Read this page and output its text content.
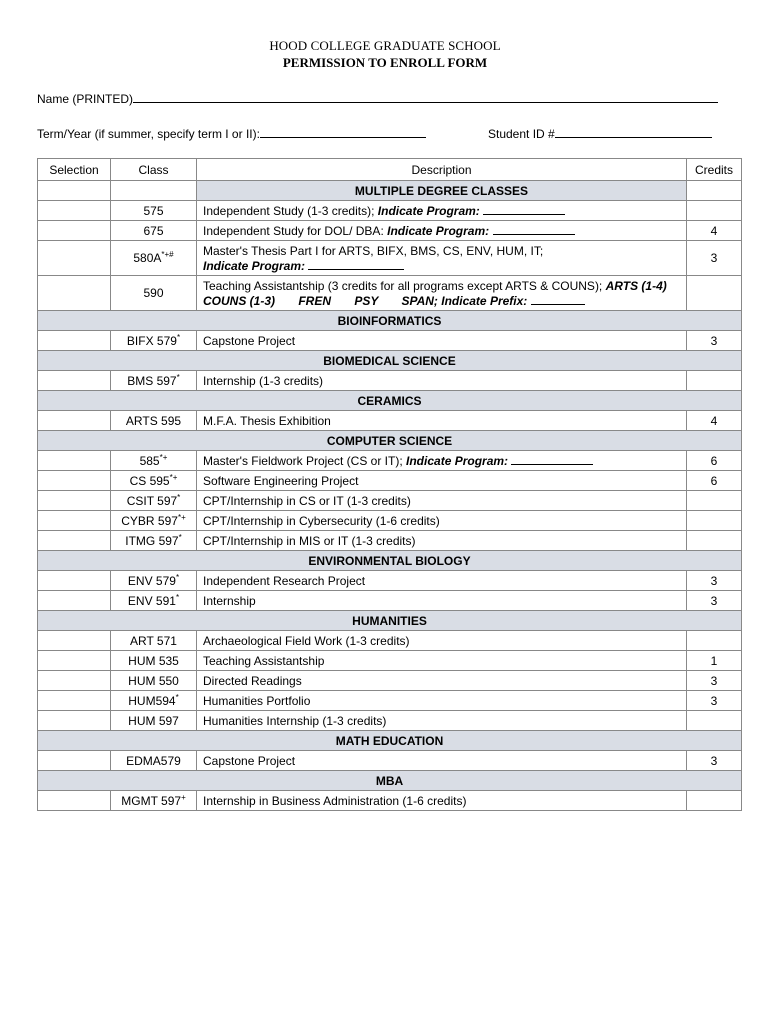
HOOD COLLEGE GRADUATE SCHOOL
PERMISSION TO ENROLL FORM
Name (PRINTED)
Term/Year (if summer, specify term I or II):	Student ID #
Selection	Class	Description	Credits
		MULTIPLE DEGREE CLASSES	
	575	Independent Study (1-3 credits); Indicate Program:	
	675	Independent Study for DOL/ DBA: Indicate Program:	4
	580A*+#	Master's Thesis Part I for ARTS, BIFX, BMS, CS, ENV, HUM, IT;
Indicate Program:	3
	590	Teaching Assistantship (3 credits for all programs except ARTS & COUNS); ARTS (1-4)
COUNS (1-3)       FREN       PSY       SPAN; Indicate Prefix:	
BIOINFORMATICS			
	BIFX 579*	Capstone Project	3
BIOMEDICAL SCIENCE			
	BMS 597*	Internship (1-3 credits)	
CERAMICS			
	ARTS 595	M.F.A. Thesis Exhibition	4
COMPUTER SCIENCE			
	585*+	Master's Fieldwork Project (CS or IT); Indicate Program:	6
	CS 595*+	Software Engineering Project	6
	CSIT 597*	CPT/Internship in CS or IT (1-3 credits)	
	CYBR 597*+	CPT/Internship in Cybersecurity (1-6 credits)	
	ITMG 597*	CPT/Internship in MIS or IT (1-3 credits)	
ENVIRONMENTAL BIOLOGY			
	ENV 579*	Independent Research Project	3
	ENV 591*	Internship	3
HUMANITIES			
	ART 571	Archaeological Field Work (1-3 credits)	
	HUM 535	Teaching Assistantship	1
	HUM 550	Directed Readings	3
	HUM594*	Humanities Portfolio	3
	HUM 597	Humanities Internship (1-3 credits)	
MATH EDUCATION			
	EDMA579	Capstone Project	3
MBA			
	MGMT 597+	Internship in Business Administration (1-6 credits)	
